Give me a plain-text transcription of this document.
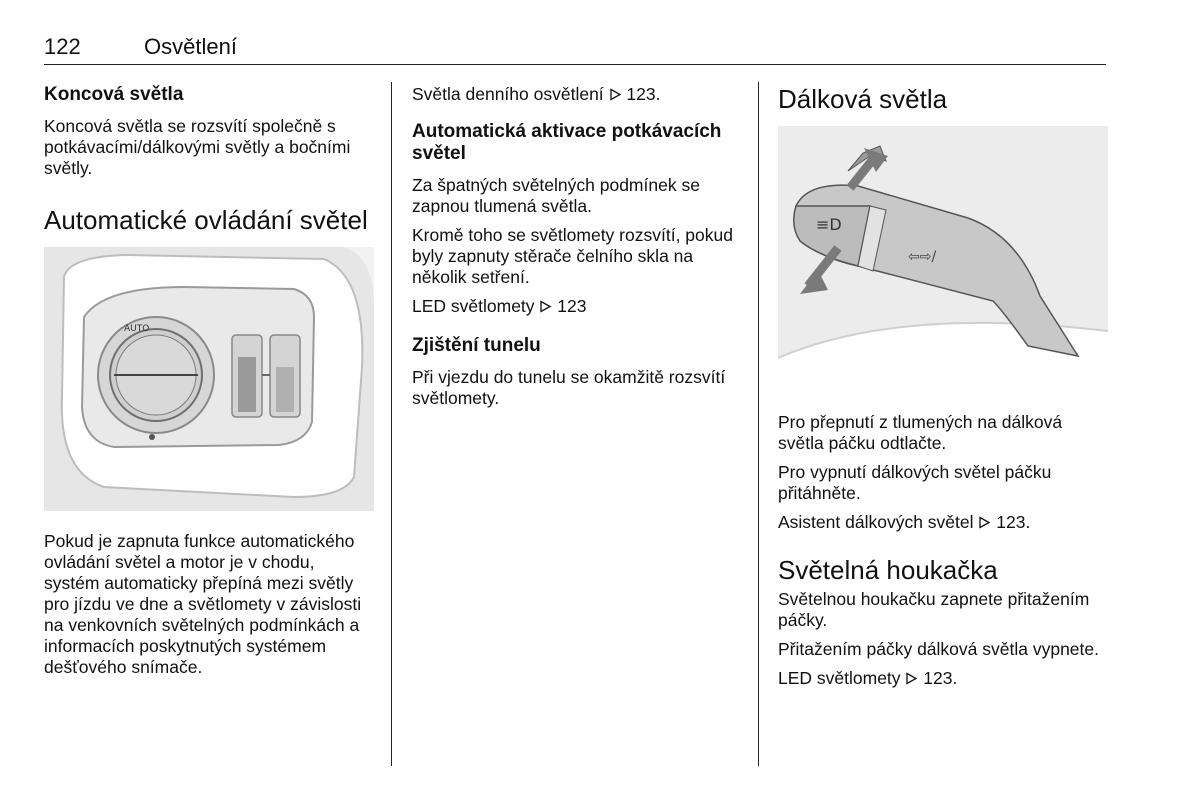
122	Osvětlení
Koncová světla

Koncová světla se rozsvítí společně s potkávacími/dálkovými světly a bočními světly.

Automatické ovládání světel
AUTO

Pokud je zapnuta funkce automatického ovládání světel a motor je v chodu, systém automaticky přepíná mezi světly pro jízdu ve dne a světlomety v závislosti na venkovních světelných podmínkách a informacích poskytnutých systémem dešťového snímače.

Světla denního osvětlení 123.

Automatická aktivace potkávacích světel

Za špatných světelných podmínek se zapnou tlumená světla.

Kromě toho se světlomety rozsvítí, pokud byly zapnuty stěrače čelního skla na několik setření.

LED světlomety 123

Zjištění tunelu

Při vjezdu do tunelu se okamžitě rozsvítí světlomety.

Dálková světla
≡D
⇦⇨/

Pro přepnutí z tlumených na dálková světla páčku odtlačte.

Pro vypnutí dálkových světel páčku přitáhněte.

Asistent dálkových světel 123.

Světelná houkačka

Světelnou houkačku zapnete přitažením páčky.

Přitažením páčky dálková světla vypnete.

LED světlomety 123.
